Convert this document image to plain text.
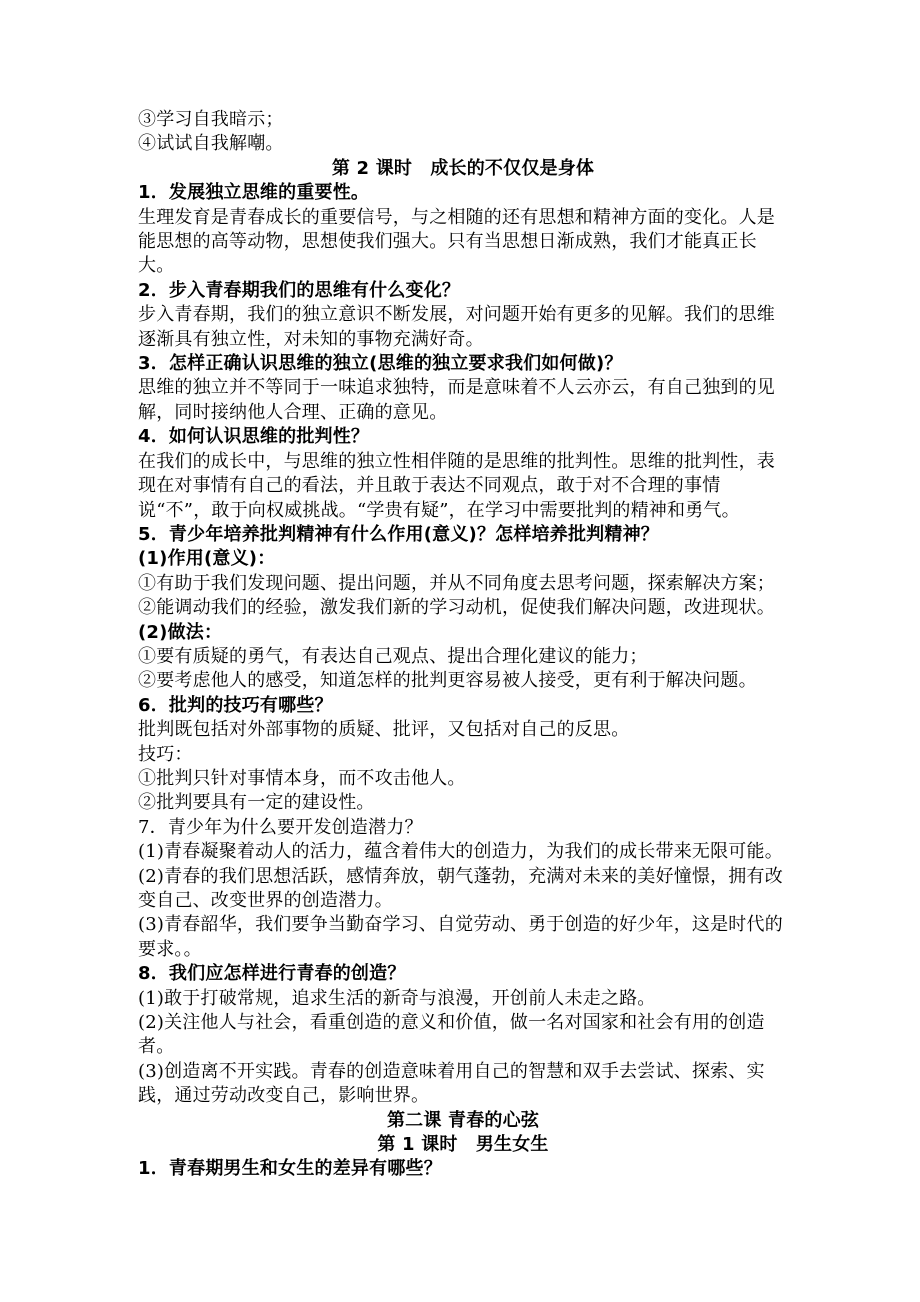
③学习自我暗示；

④试试自我解嘲。

第 2 课时　成长的不仅仅是身体

1．发展独立思维的重要性。

生理发育是青春成长的重要信号，与之相随的还有思想和精神方面的变化。人是能思想的高等动物，思想使我们强大。只有当思想日渐成熟，我们才能真正长大。

2．步入青春期我们的思维有什么变化？

步入青春期，我们的独立意识不断发展，对问题开始有更多的见解。我们的思维逐渐具有独立性，对未知的事物充满好奇。

3．怎样正确认识思维的独立(思维的独立要求我们如何做)？

思维的独立并不等同于一味追求独特，而是意味着不人云亦云，有自己独到的见解，同时接纳他人合理、正确的意见。

4．如何认识思维的批判性？

在我们的成长中，与思维的独立性相伴随的是思维的批判性。思维的批判性，表现在对事情有自己的看法，并且敢于表达不同观点，敢于对不合理的事情说“不”，敢于向权威挑战。“学贵有疑”，在学习中需要批判的精神和勇气。

5．青少年培养批判精神有什么作用(意义)？怎样培养批判精神？

(1)作用(意义)：

①有助于我们发现问题、提出问题，并从不同角度去思考问题，探索解决方案；

②能调动我们的经验，激发我们新的学习动机，促使我们解决问题，改进现状。

(2)做法：

①要有质疑的勇气，有表达自己观点、提出合理化建议的能力；

②要考虑他人的感受，知道怎样的批判更容易被人接受，更有利于解决问题。

6．批判的技巧有哪些？

批判既包括对外部事物的质疑、批评，又包括对自己的反思。

技巧：

①批判只针对事情本身，而不攻击他人。

②批判要具有一定的建设性。

7．青少年为什么要开发创造潜力？

(1)青春凝聚着动人的活力，蕴含着伟大的创造力，为我们的成长带来无限可能。

(2)青春的我们思想活跃，感情奔放，朝气蓬勃，充满对未来的美好憧憬，拥有改变自己、改变世界的创造潜力。

(3)青春韶华，我们要争当勤奋学习、自觉劳动、勇于创造的好少年，这是时代的要求。。

8．我们应怎样进行青春的创造？

(1)敢于打破常规，追求生活的新奇与浪漫，开创前人未走之路。

(2)关注他人与社会，看重创造的意义和价值，做一名对国家和社会有用的创造者。

(3)创造离不开实践。青春的创造意味着用自己的智慧和双手去尝试、探索、实践，通过劳动改变自己，影响世界。

第二课 青春的心弦

第 1 课时　男生女生

1．青春期男生和女生的差异有哪些？
